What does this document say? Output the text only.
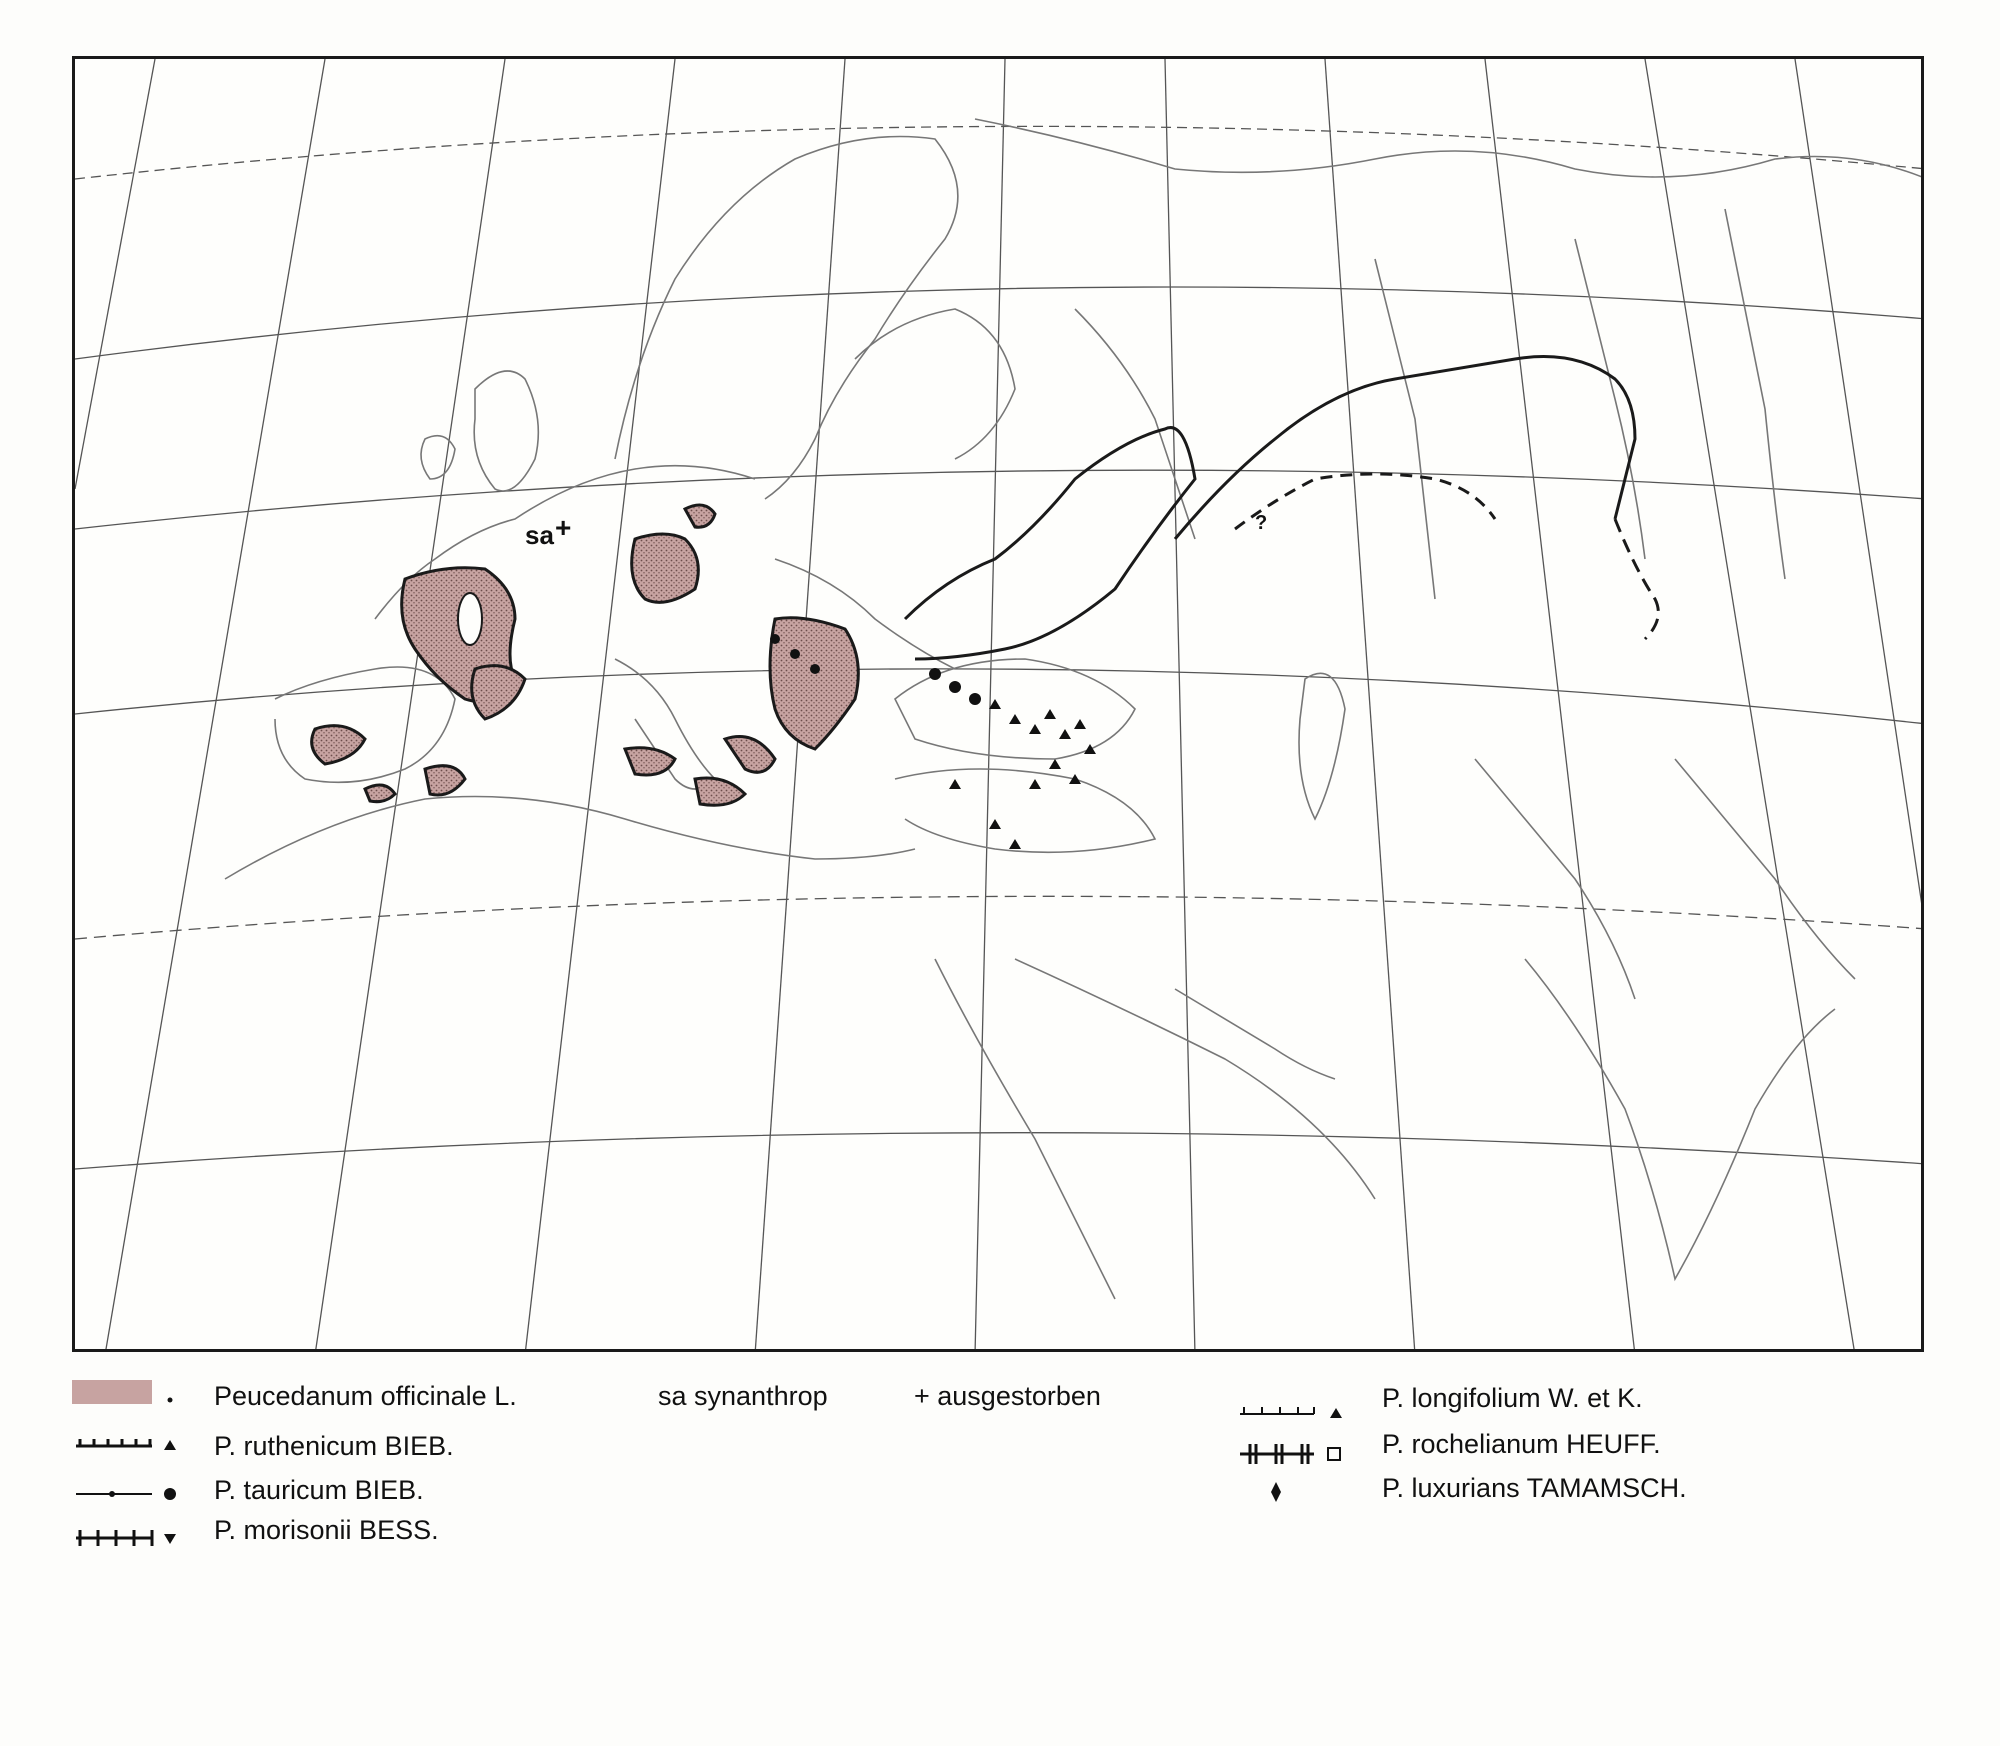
sa +	?
Peucedanum officinale L.
P. ruthenicum BIEB.
P. tauricum BIEB.
P. morisonii BESS.
sa synanthrop	+ ausgestorben	P. longifolium W. et K.
P. rochelianum HEUFF.
P. luxurians TAMAMSCH.
